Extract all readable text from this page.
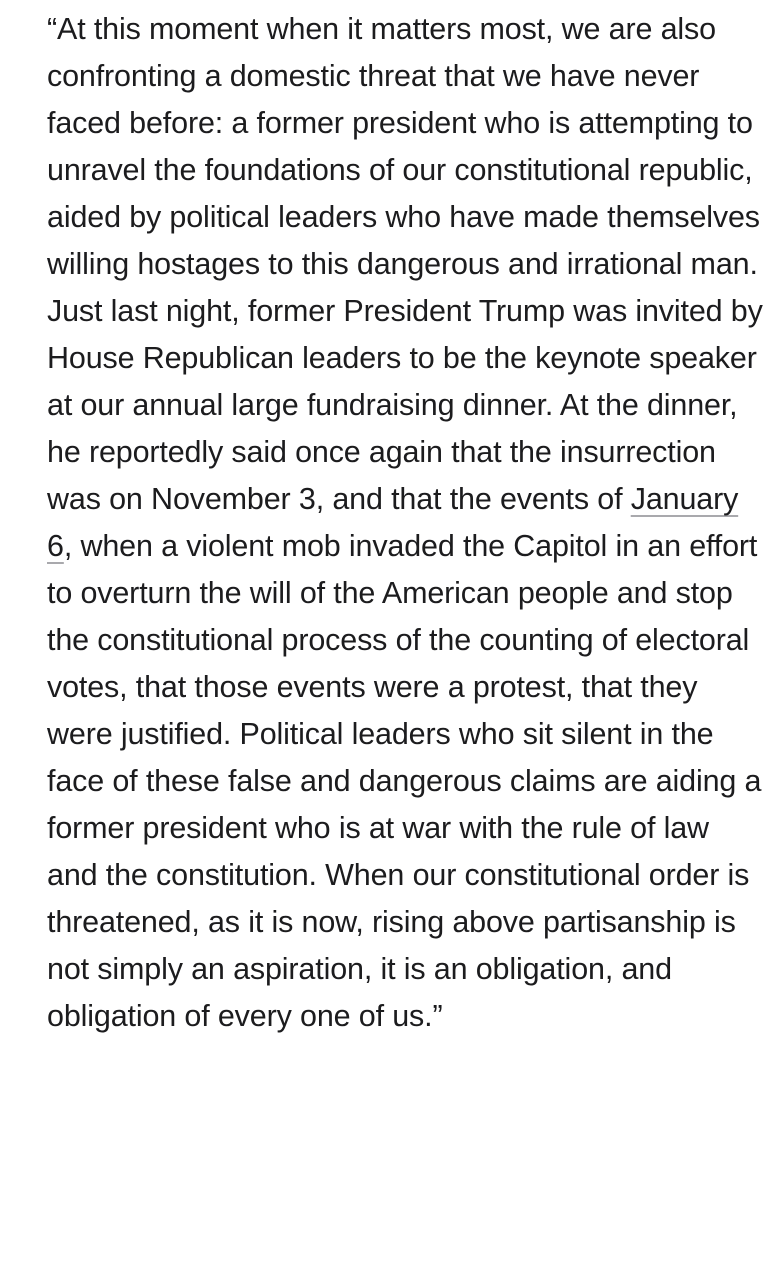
“At this moment when it matters most, we are also confronting a domestic threat that we have never faced before: a former president who is attempting to unravel the foundations of our constitutional republic, aided by political leaders who have made themselves willing hostages to this dangerous and irrational man. Just last night, former President Trump was invited by House Republican leaders to be the keynote speaker at our annual large fundraising dinner. At the dinner, he reportedly said once again that the insurrection was on November 3, and that the events of January 6, when a violent mob invaded the Capitol in an effort to overturn the will of the American people and stop the constitutional process of the counting of electoral votes, that those events were a protest, that they were justified. Political leaders who sit silent in the face of these false and dangerous claims are aiding a former president who is at war with the rule of law and the constitution. When our constitutional order is threatened, as it is now, rising above partisanship is not simply an aspiration, it is an obligation, and obligation of every one of us.”
